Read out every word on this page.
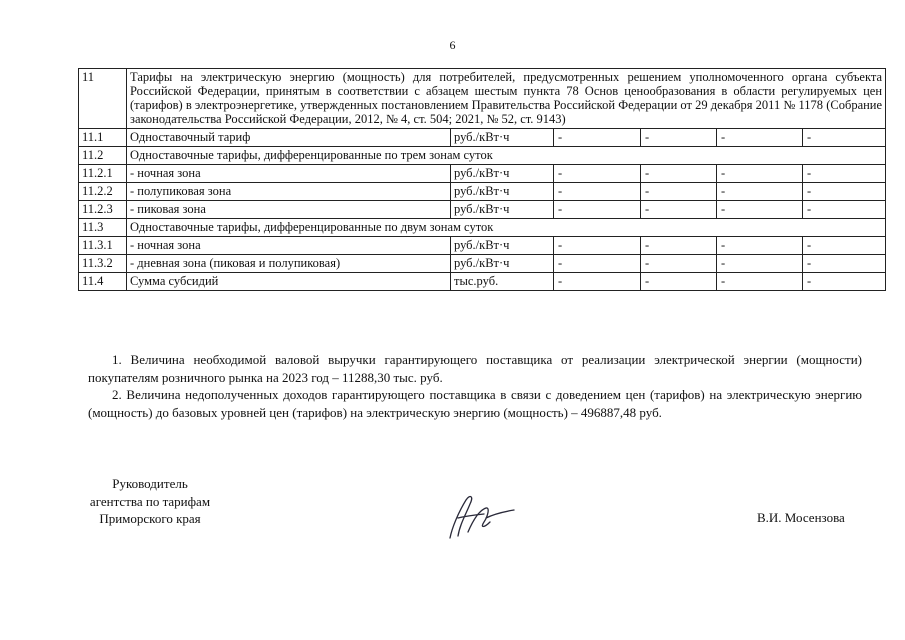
6
11	Тарифы на электрическую энергию (мощность) для потребителей, предусмотренных решением уполномоченного органа субъекта Российской Федерации, принятым в соответствии с абзацем шестым пункта 78 Основ ценообразования в области регулируемых цен (тарифов) в электроэнергетике, утвержденных постановлением Правительства Российской Федерации от 29 декабря 2011 № 1178 (Собрание законодательства Российской Федерации, 2012, № 4, ст. 504; 2021, № 52, ст. 9143)					
11.1	Одноставочный тариф	руб./кВт·ч	-	-	-	-
11.2	Одноставочные тарифы, дифференцированные по трем зонам суток					
11.2.1	- ночная зона	руб./кВт·ч	-	-	-	-
11.2.2	- полупиковая зона	руб./кВт·ч	-	-	-	-
11.2.3	- пиковая зона	руб./кВт·ч	-	-	-	-
11.3	Одноставочные тарифы, дифференцированные по двум зонам суток					
11.3.1	- ночная зона	руб./кВт·ч	-	-	-	-
11.3.2	- дневная зона (пиковая и полупиковая)	руб./кВт·ч	-	-	-	-
11.4	Сумма субсидий	тыс.руб.	-	-	-	-

1. Величина необходимой валовой выручки гарантирующего поставщика от реализации электрической энергии (мощности) покупателям розничного рынка на 2023 год – 11288,30 тыс. руб.

2. Величина недополученных доходов гарантирующего поставщика в связи с доведением цен (тарифов) на электрическую энергию (мощность) до базовых уровней цен (тарифов) на электрическую энергию (мощность) – 496887,48 руб.

Руководитель
агентства по тарифам
Приморского края	В.И. Мосензова
